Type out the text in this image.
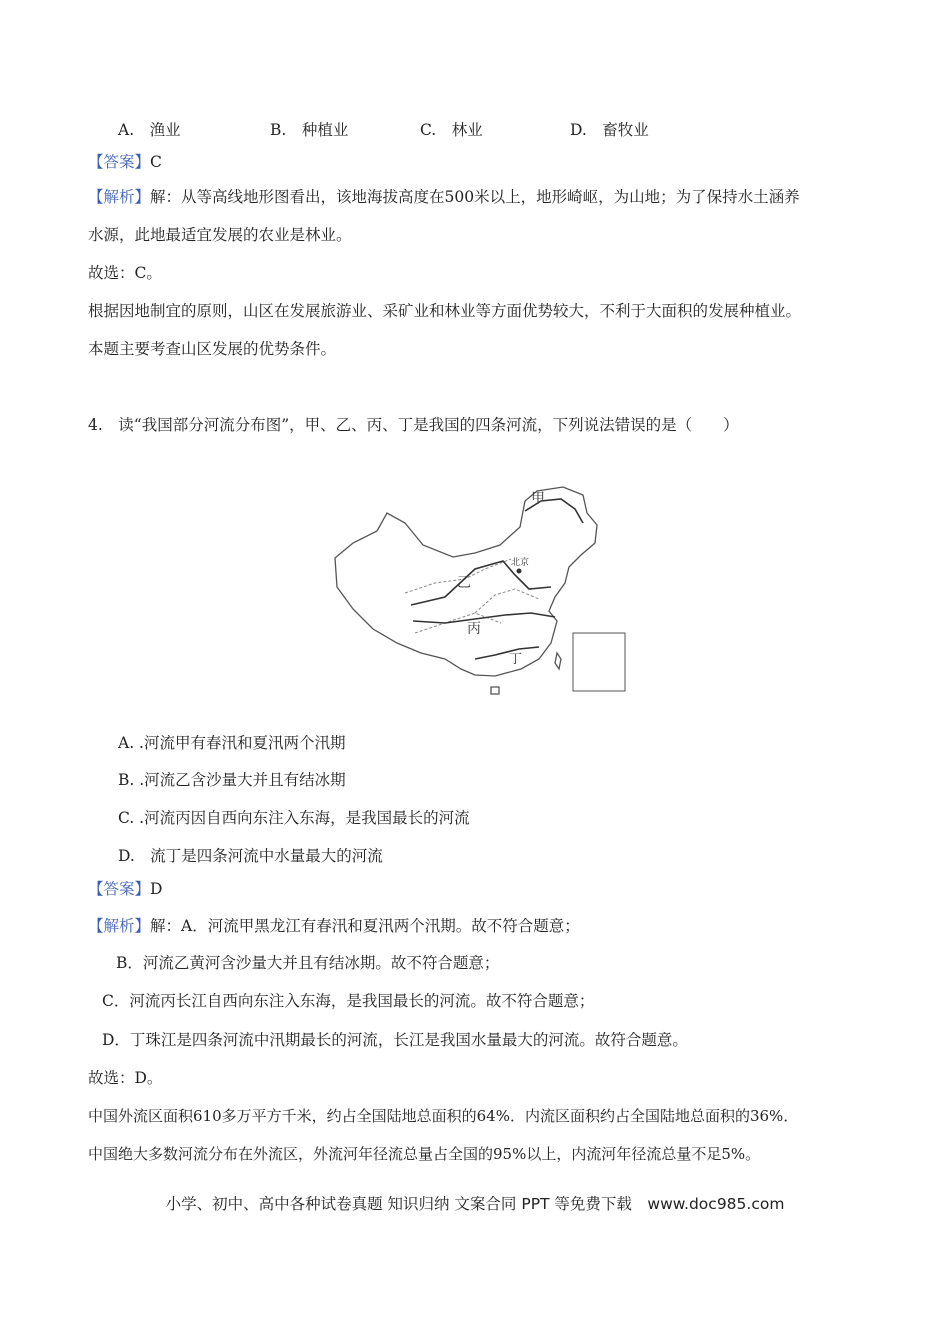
A.　渔业	B.　种植业	C.　林业	D.　畜牧业
【答案】C
【解析】解：从等高线地形图看出，该地海拔高度在500米以上，地形崎岖，为山地；为了保持水土涵养
水源，此地最适宜发展的农业是林业。
故选：C。
根据因地制宜的原则，山区在发展旅游业、采矿业和林业等方面优势较大，不利于大面积的发展种植业。
本题主要考查山区发展的优势条件。
4.　读“我国部分河流分布图”，甲、乙、丙、丁是我国的四条河流，下列说法错误的是（　　）
甲
乙
丙
丁
北京
A. .河流甲有春汛和夏汛两个汛期
B. .河流乙含沙量大并且有结冰期
C. .河流丙因自西向东注入东海，是我国最长的河流
D.　流丁是四条河流中水量最大的河流
【答案】D
【解析】解：A．河流甲黑龙江有春汛和夏汛两个汛期。故不符合题意；
B．河流乙黄河含沙量大并且有结冰期。故不符合题意；
C．河流丙长江自西向东注入东海，是我国最长的河流。故不符合题意；
D．丁珠江是四条河流中汛期最长的河流，长江是我国水量最大的河流。故符合题意。
故选：D。
中国外流区面积610多万平方千米，约占全国陆地总面积的64%．内流区面积约占全国陆地总面积的36%．
中国绝大多数河流分布在外流区，外流河年径流总量占全国的95%以上，内流河年径流总量不足5%。
小学、初中、高中各种试卷真题 知识归纳 文案合同 PPT 等免费下载　www.doc985.com
